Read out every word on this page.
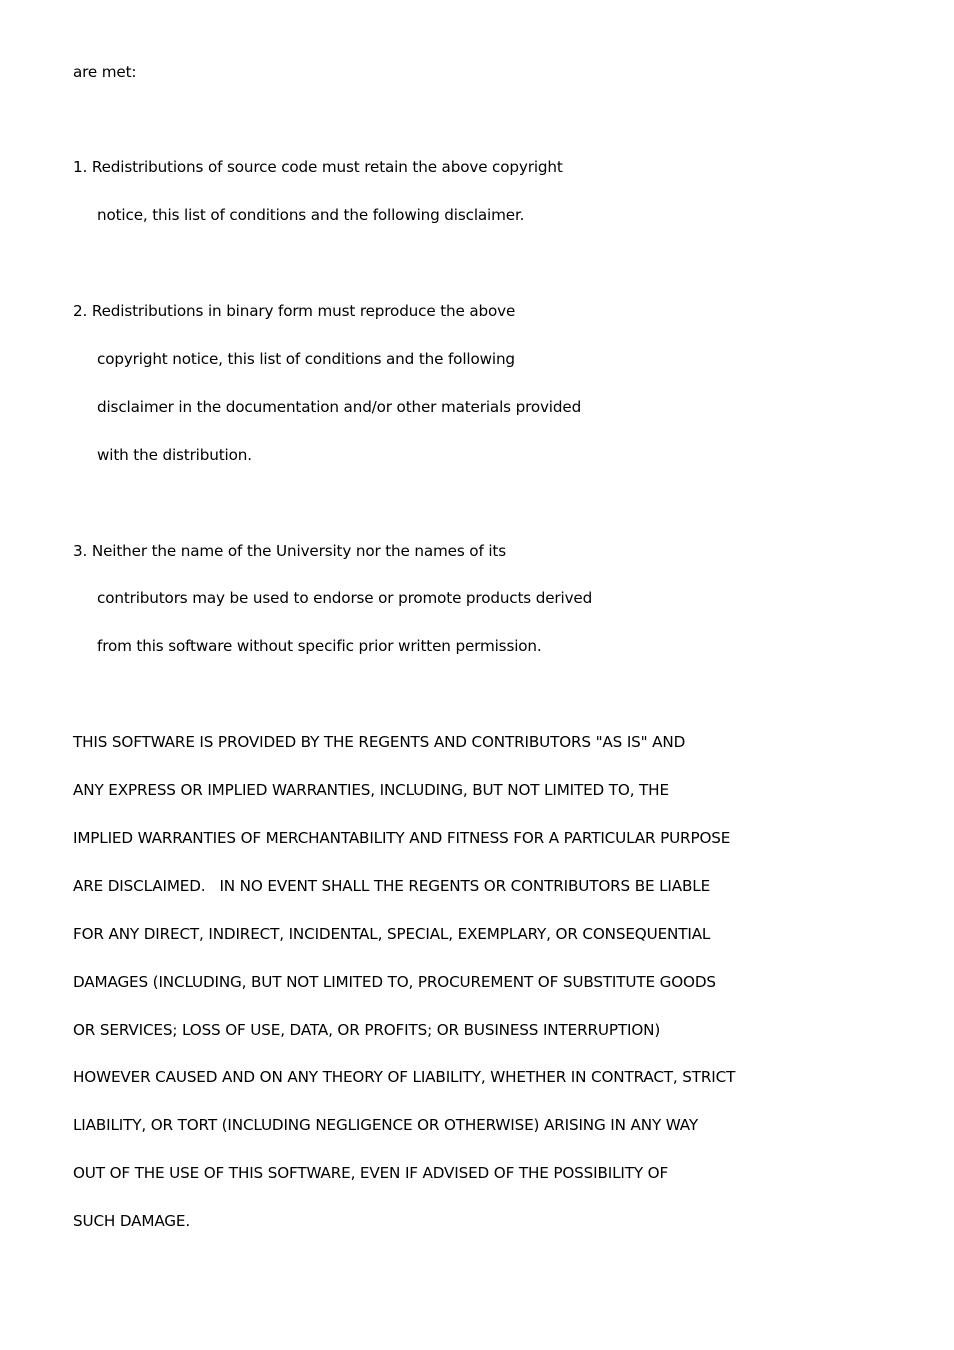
are met:
1. Redistributions of source code must retain the above copyright
notice, this list of conditions and the following disclaimer.
2. Redistributions in binary form must reproduce the above
copyright notice, this list of conditions and the following
disclaimer in the documentation and/or other materials provided
with the distribution.
3. Neither the name of the University nor the names of its
contributors may be used to endorse or promote products derived
from this software without specific prior written permission.
THIS SOFTWARE IS PROVIDED BY THE REGENTS AND CONTRIBUTORS "AS IS" AND
ANY EXPRESS OR IMPLIED WARRANTIES, INCLUDING, BUT NOT LIMITED TO, THE
IMPLIED WARRANTIES OF MERCHANTABILITY AND FITNESS FOR A PARTICULAR PURPOSE
ARE DISCLAIMED.   IN NO EVENT SHALL THE REGENTS OR CONTRIBUTORS BE LIABLE
FOR ANY DIRECT, INDIRECT, INCIDENTAL, SPECIAL, EXEMPLARY, OR CONSEQUENTIAL
DAMAGES (INCLUDING, BUT NOT LIMITED TO, PROCUREMENT OF SUBSTITUTE GOODS
OR SERVICES; LOSS OF USE, DATA, OR PROFITS; OR BUSINESS INTERRUPTION)
HOWEVER CAUSED AND ON ANY THEORY OF LIABILITY, WHETHER IN CONTRACT, STRICT
LIABILITY, OR TORT (INCLUDING NEGLIGENCE OR OTHERWISE) ARISING IN ANY WAY
OUT OF THE USE OF THIS SOFTWARE, EVEN IF ADVISED OF THE POSSIBILITY OF
SUCH DAMAGE.
